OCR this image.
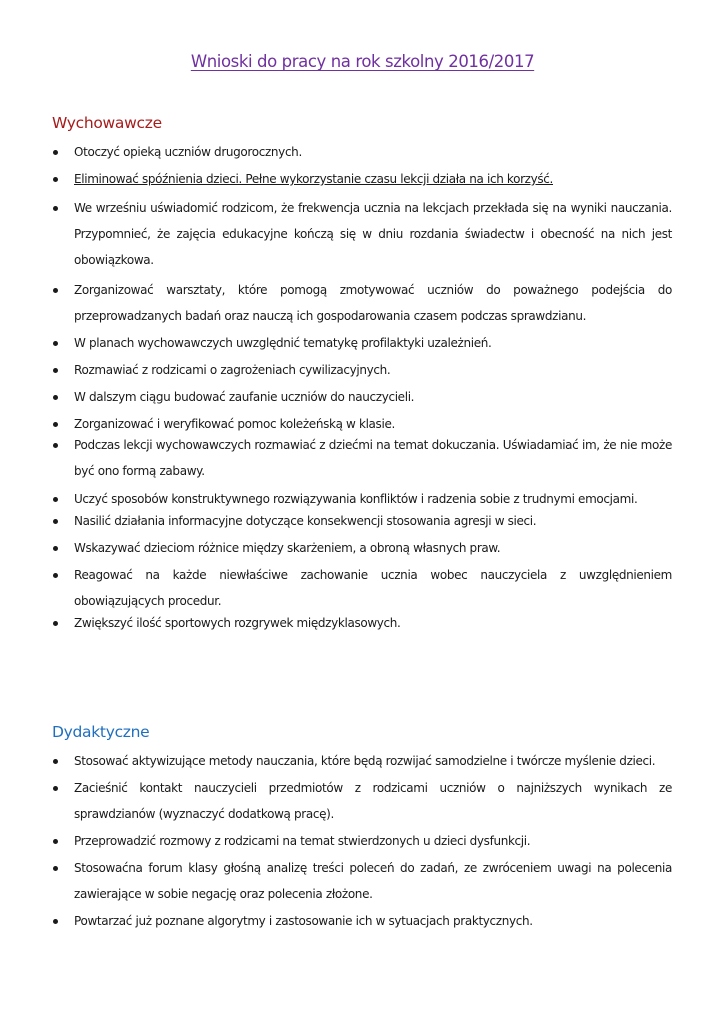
Wnioski do pracy na rok szkolny 2016/2017
Wychowawcze
Otoczyć opieką uczniów drugorocznych.
Eliminować spóźnienia dzieci. Pełne wykorzystanie czasu lekcji działa na ich korzyść.
We wrześniu uświadomić rodzicom, że frekwencja ucznia na lekcjach przekłada się na wyniki nauczania. Przypomnieć, że zajęcia edukacyjne kończą się w dniu rozdania świadectw i obecność na nich jest obowiązkowa.
Zorganizować warsztaty, które pomogą zmotywować uczniów do poważnego podejścia do przeprowadzanych badań oraz nauczą ich gospodarowania czasem podczas sprawdzianu.
W planach wychowawczych uwzględnić tematykę profilaktyki uzależnień.
Rozmawiać z rodzicami o zagrożeniach cywilizacyjnych.
W dalszym ciągu budować zaufanie uczniów do nauczycieli.
Zorganizować i weryfikować pomoc koleżeńską w klasie.
Podczas lekcji wychowawczych rozmawiać z dziećmi na temat dokuczania. Uświadamiać im, że nie może być ono formą zabawy.
Uczyć sposobów konstruktywnego rozwiązywania konfliktów i radzenia sobie z trudnymi emocjami.
Nasilić działania informacyjne dotyczące konsekwencji stosowania agresji w sieci.
Wskazywać dzieciom różnice między skarżeniem, a obroną własnych praw.
Reagować na każde niewłaściwe zachowanie ucznia wobec nauczyciela z uwzględnieniem obowiązujących procedur.
Zwiększyć ilość sportowych rozgrywek międzyklasowych.
Dydaktyczne
Stosować aktywizujące metody nauczania, które będą rozwijać samodzielne i twórcze myślenie dzieci.
Zacieśnić kontakt nauczycieli przedmiotów z rodzicami uczniów o najniższych wynikach ze sprawdzianów (wyznaczyć dodatkową pracę).
Przeprowadzić rozmowy z rodzicami na temat stwierdzonych u dzieci dysfunkcji.
Stosowaćna forum klasy głośną analizę treści poleceń do zadań, ze zwróceniem uwagi na polecenia zawierające w sobie negację oraz polecenia złożone.
Powtarzać już poznane algorytmy i zastosowanie ich w sytuacjach praktycznych.
